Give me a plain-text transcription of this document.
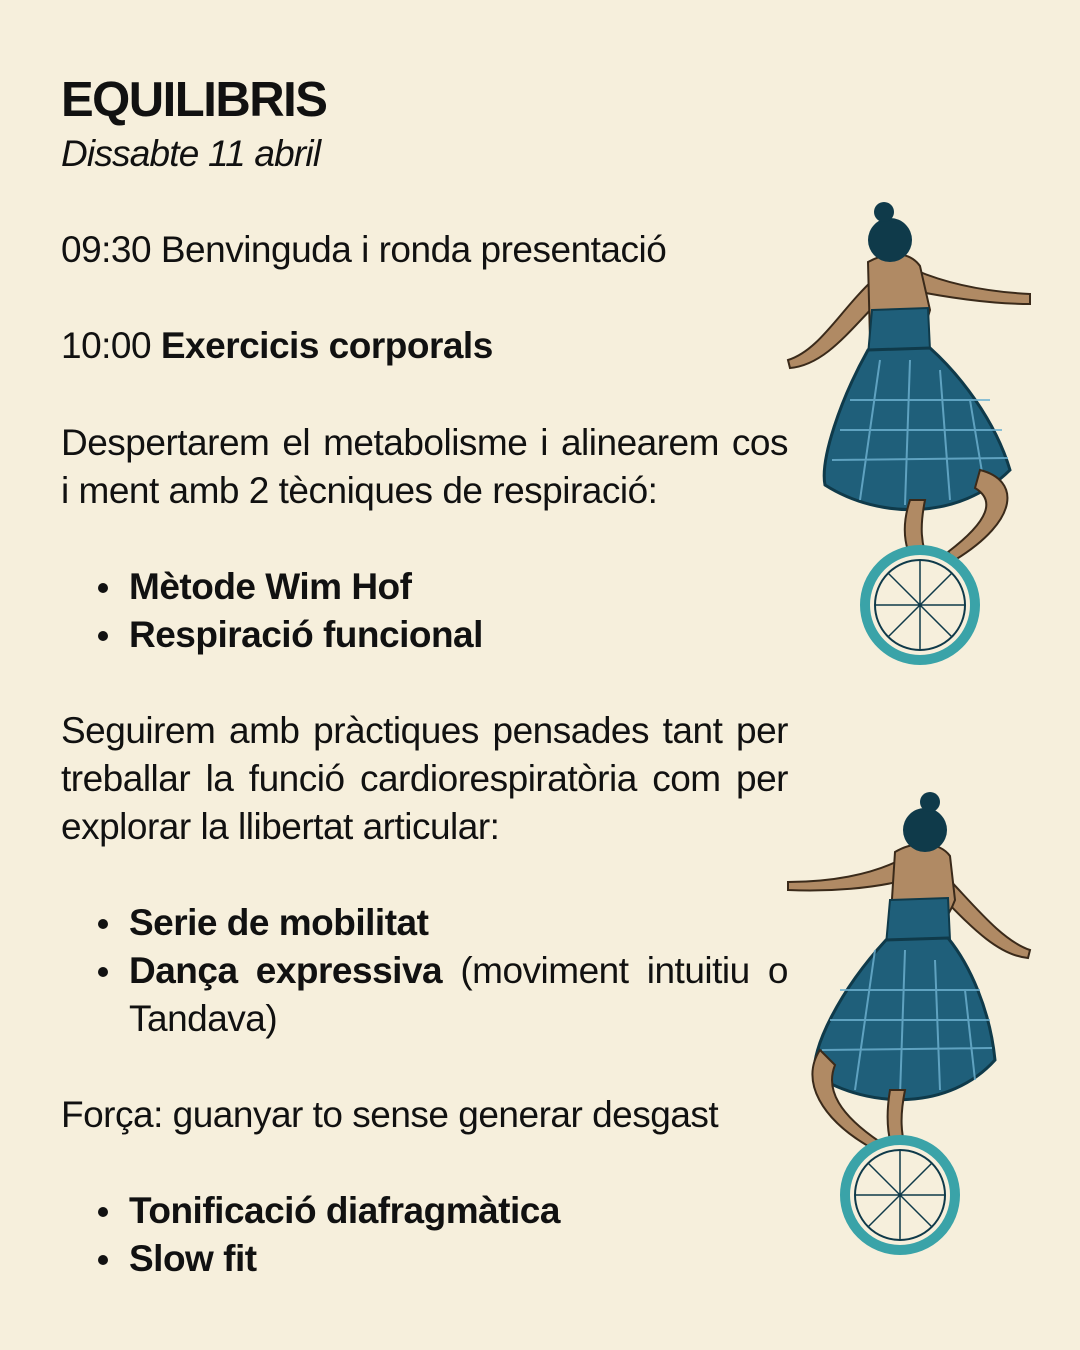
EQUILIBRIS

Dissabte 11 abril

09:30 Benvinguda i ronda presentació

10:00 Exercicis corporals

Despertarem el metabolisme i alinearem cos i ment amb 2 tècniques de respiració:

Mètode Wim Hof
Respiració funcional

Seguirem amb pràctiques pensades tant per treballar la funció cardiorespiratòria com per explorar la llibertat articular:

Serie de mobilitat
Dança expressiva (moviment intuitiu o Tandava)

Força: guanyar to sense generar desgast

Tonificació diafragmàtica
Slow fit
